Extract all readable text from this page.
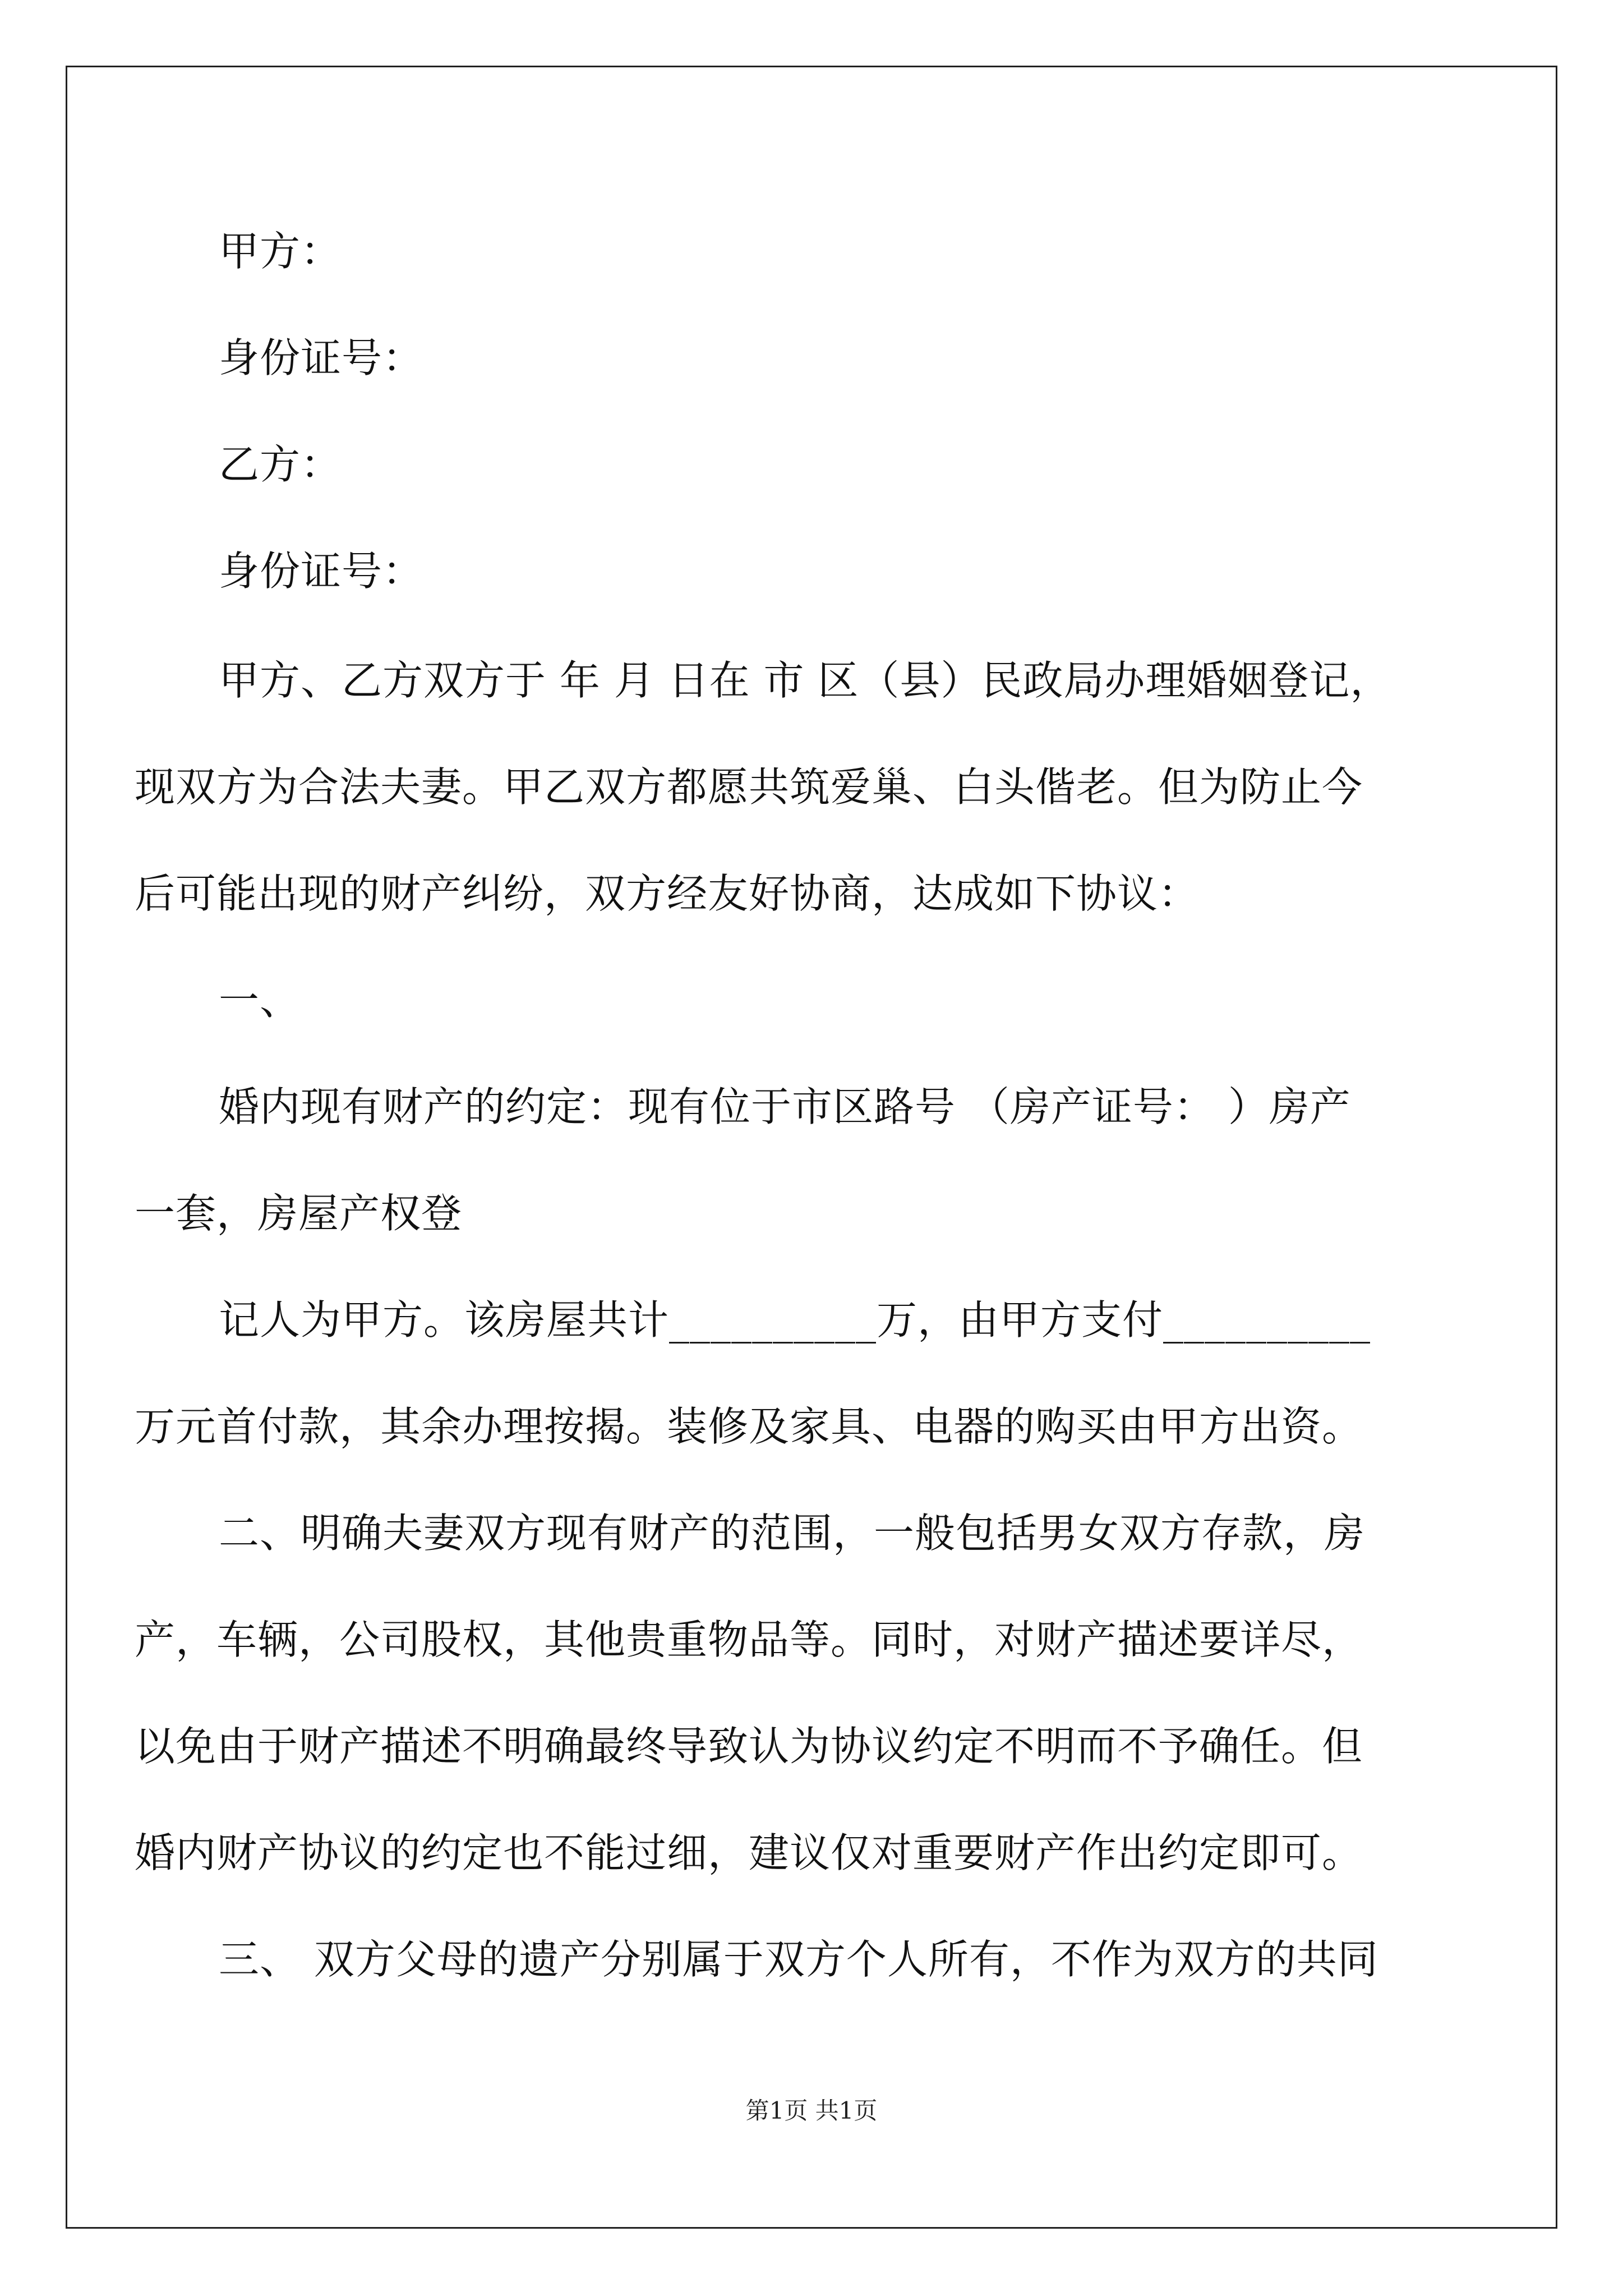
甲方：
身份证号：
乙方：
身份证号：
甲方、乙方双方于 年 月 日在 市 区（县）民政局办理婚姻登记，
现双方为合法夫妻。甲乙双方都愿共筑爱巢、白头偕老。但为防止今
后可能出现的财产纠纷，双方经友好协商，达成如下协议：
一、
婚内现有财产的约定：现有位于市区路号 （房产证号： ）房产
一套，房屋产权登
记人为甲方。该房屋共计__________万，由甲方支付__________
万元首付款，其余办理按揭。装修及家具、电器的购买由甲方出资。
二、明确夫妻双方现有财产的范围，一般包括男女双方存款，房
产，车辆，公司股权，其他贵重物品等。同时，对财产描述要详尽，
以免由于财产描述不明确最终导致认为协议约定不明而不予确任。但
婚内财产协议的约定也不能过细，建议仅对重要财产作出约定即可。
三、 双方父母的遗产分别属于双方个人所有，不作为双方的共同
第1页 共1页
